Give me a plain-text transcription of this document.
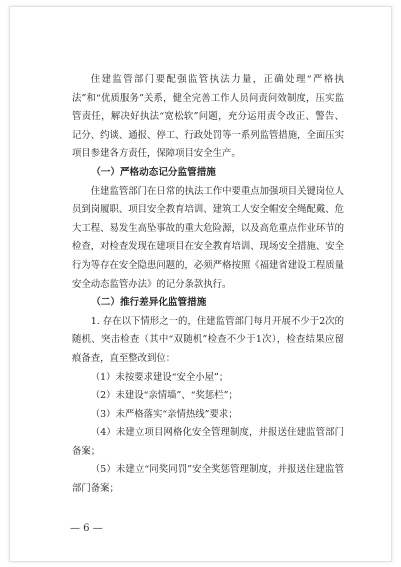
住建监管部门要配强监管执法力量，正确处理“严格执法”和“优质服务”关系，健全完善工作人员问责问效制度，压实监管责任，解决好执法“宽松软”问题，充分运用责令改正、警告、记分、约谈、通报、停工、行政处罚等一系列监管措施，全面压实项目参建各方责任，保障项目安全生产。

（一）严格动态记分监管措施

住建监管部门在日常的执法工作中要重点加强项目关键岗位人员到岗履职、项目安全教育培训、建筑工人安全帽安全绳配戴、危大工程、易发生高坠事故的重大危险源，以及高危重点作业环节的检查，对检查发现在建项目在安全教育培训、现场安全措施、安全行为等存在安全隐患问题的，必须严格按照《福建省建设工程质量安全动态监管办法》的记分条款执行。

（二）推行差异化监管措施

1. 存在以下情形之一的，住建监管部门每月开展不少于2次的随机、突击检查（其中“双随机”检查不少于1次），检查结果应留痕备查，直至整改到位：

（1）未按要求建设“安全小屋”；

（2）未建设“亲情墙”、“奖惩栏”；

（3）未严格落实“亲情热线”要求；

（4）未建立项目网格化安全管理制度，并报送住建监管部门备案；

（5）未建立“同奖同罚”安全奖惩管理制度，并报送住建监管部门备案；

— 6 —
